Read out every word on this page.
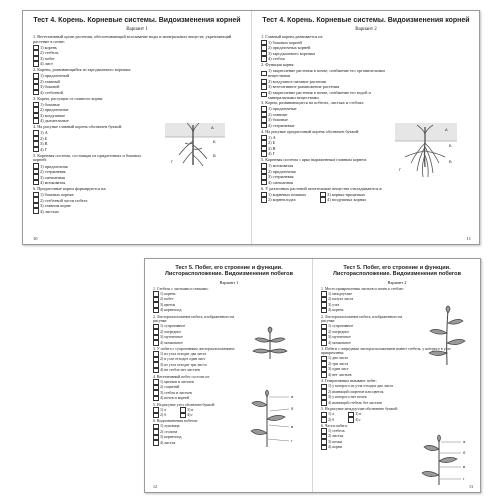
Тест 4. Корень. Корневые системы. Видоизменения корней
Вариант 1
1. Вегетативный орган растения, обеспечивающий всасывание воды и минеральных веществ, укрепляющий растение в почве:
1) корень
2) стебель
3) побег
4) лист
2. Корень, развивающийся из зародышевого корешка:
1) придаточный
2) главный
3) боковой
4) стеблевой
3. Корни, растущие от главного корня:
1) боковые
2) придаточные
3) воздушные
4) дыхательные
4. На рисунке главный корень обозначен буквой:
1) А
2) Б
3) В
4) Г
5. Корневая система, состоящая из придаточных и боковых корней:
1) придаточная
2) стержневая
3) смешанная
4) мочковатая
6. Придаточные корни формируются на:
1) боковых корнях
2) стеблевой части побега
3) главном корне
4) листьях
10
А
Б
В
Г
Тест 4. Корень. Корневые системы. Видоизменения корней
Вариант 2
1. Главный корень развивается из:
1) боковых корней
2) придаточных корней
3) зародышевого корешка
4) стебля
2. Функция корня:
1) закрепление растения в почве, снабжение его органическими веществами
2) воздушное питание растения
3) вегетативное размножение растения
4) закрепление растения в почве, снабжение его водой и минеральными веществами
3. Корни, развивающиеся на побегах, листьях и стеблях:
1) придаточные
2) главные
3) боковые
4) стержневые
4. На рисунке придаточный корень обозначен буквой:
1) А
2) Б
3) В
4) Г
5. Корневая система с ярко выраженным главным корнем:
1) мочковатая
2) придаточная
3) стержневая
4) смешанная
6. У различных растений питательные вещества откладываются в:
1) корневых шишках
2) корнеплодах
3) корнях-прицепках
4) воздушных корнях
11
А
Б
В
Г
Тест 5. Побег, его строение и функции. Листорасположение. Видоизменения побегов
Вариант 1
1. Стебель с листьями и почками:
1) корень
2) побег
3) цветок
4) корнеплод
2. Листорасположение побега, изображенного на рисунке:
1) супротивное
2) очередное
3) мутовчатое
4) мочковатое
3. У побега с супротивным листорасположением:
1) из узла отходят два листа
2) в узле отходит один лист
3) из узла отходят три листа
4) на стебле нет листьев
4. Вегетативный побег состоит из:
1) цветков и листьев
2) соцветий
3) стебля и листьев
4) почек и корней
5. На рисунке узел обозначен буквой:
1) а
2) б
3) в
4) г
6. Видоизменения побегов:
1) луковица
2) столона
3) корнеплод
4) листья
12
а
б
в
г
Тест 5. Побег, его строение и функции. Листорасположение. Видоизменения побегов
Вариант 2
1. Место прикрепления листьев и почек к стеблю:
1) междоузлие
2) пазуха листа
3) узел
4) корень
2. Листорасположение побега, изображенного на рисунке:
1) супротивное
2) очередное
3) мутовчатое
4) мочковатое
3. Побеги с очередным листорасположением имеют стебель, у которого в узле прикреплены:
1) два листа
2) три листа
3) один лист
4) нет листьев
4. Генеративным называют побег:
1) у которого из узла отходит два листа
2) имеющий соцветие или цветок
3) у которого нет почек
4) имеющий стебель без листьев
5. На рисунке междоузлие обозначено буквой:
1) а
2) б
3) в
4) г
6. Части побега:
1) стебель
2) листья
3) почки
4) корни
13
а
б
в
г
